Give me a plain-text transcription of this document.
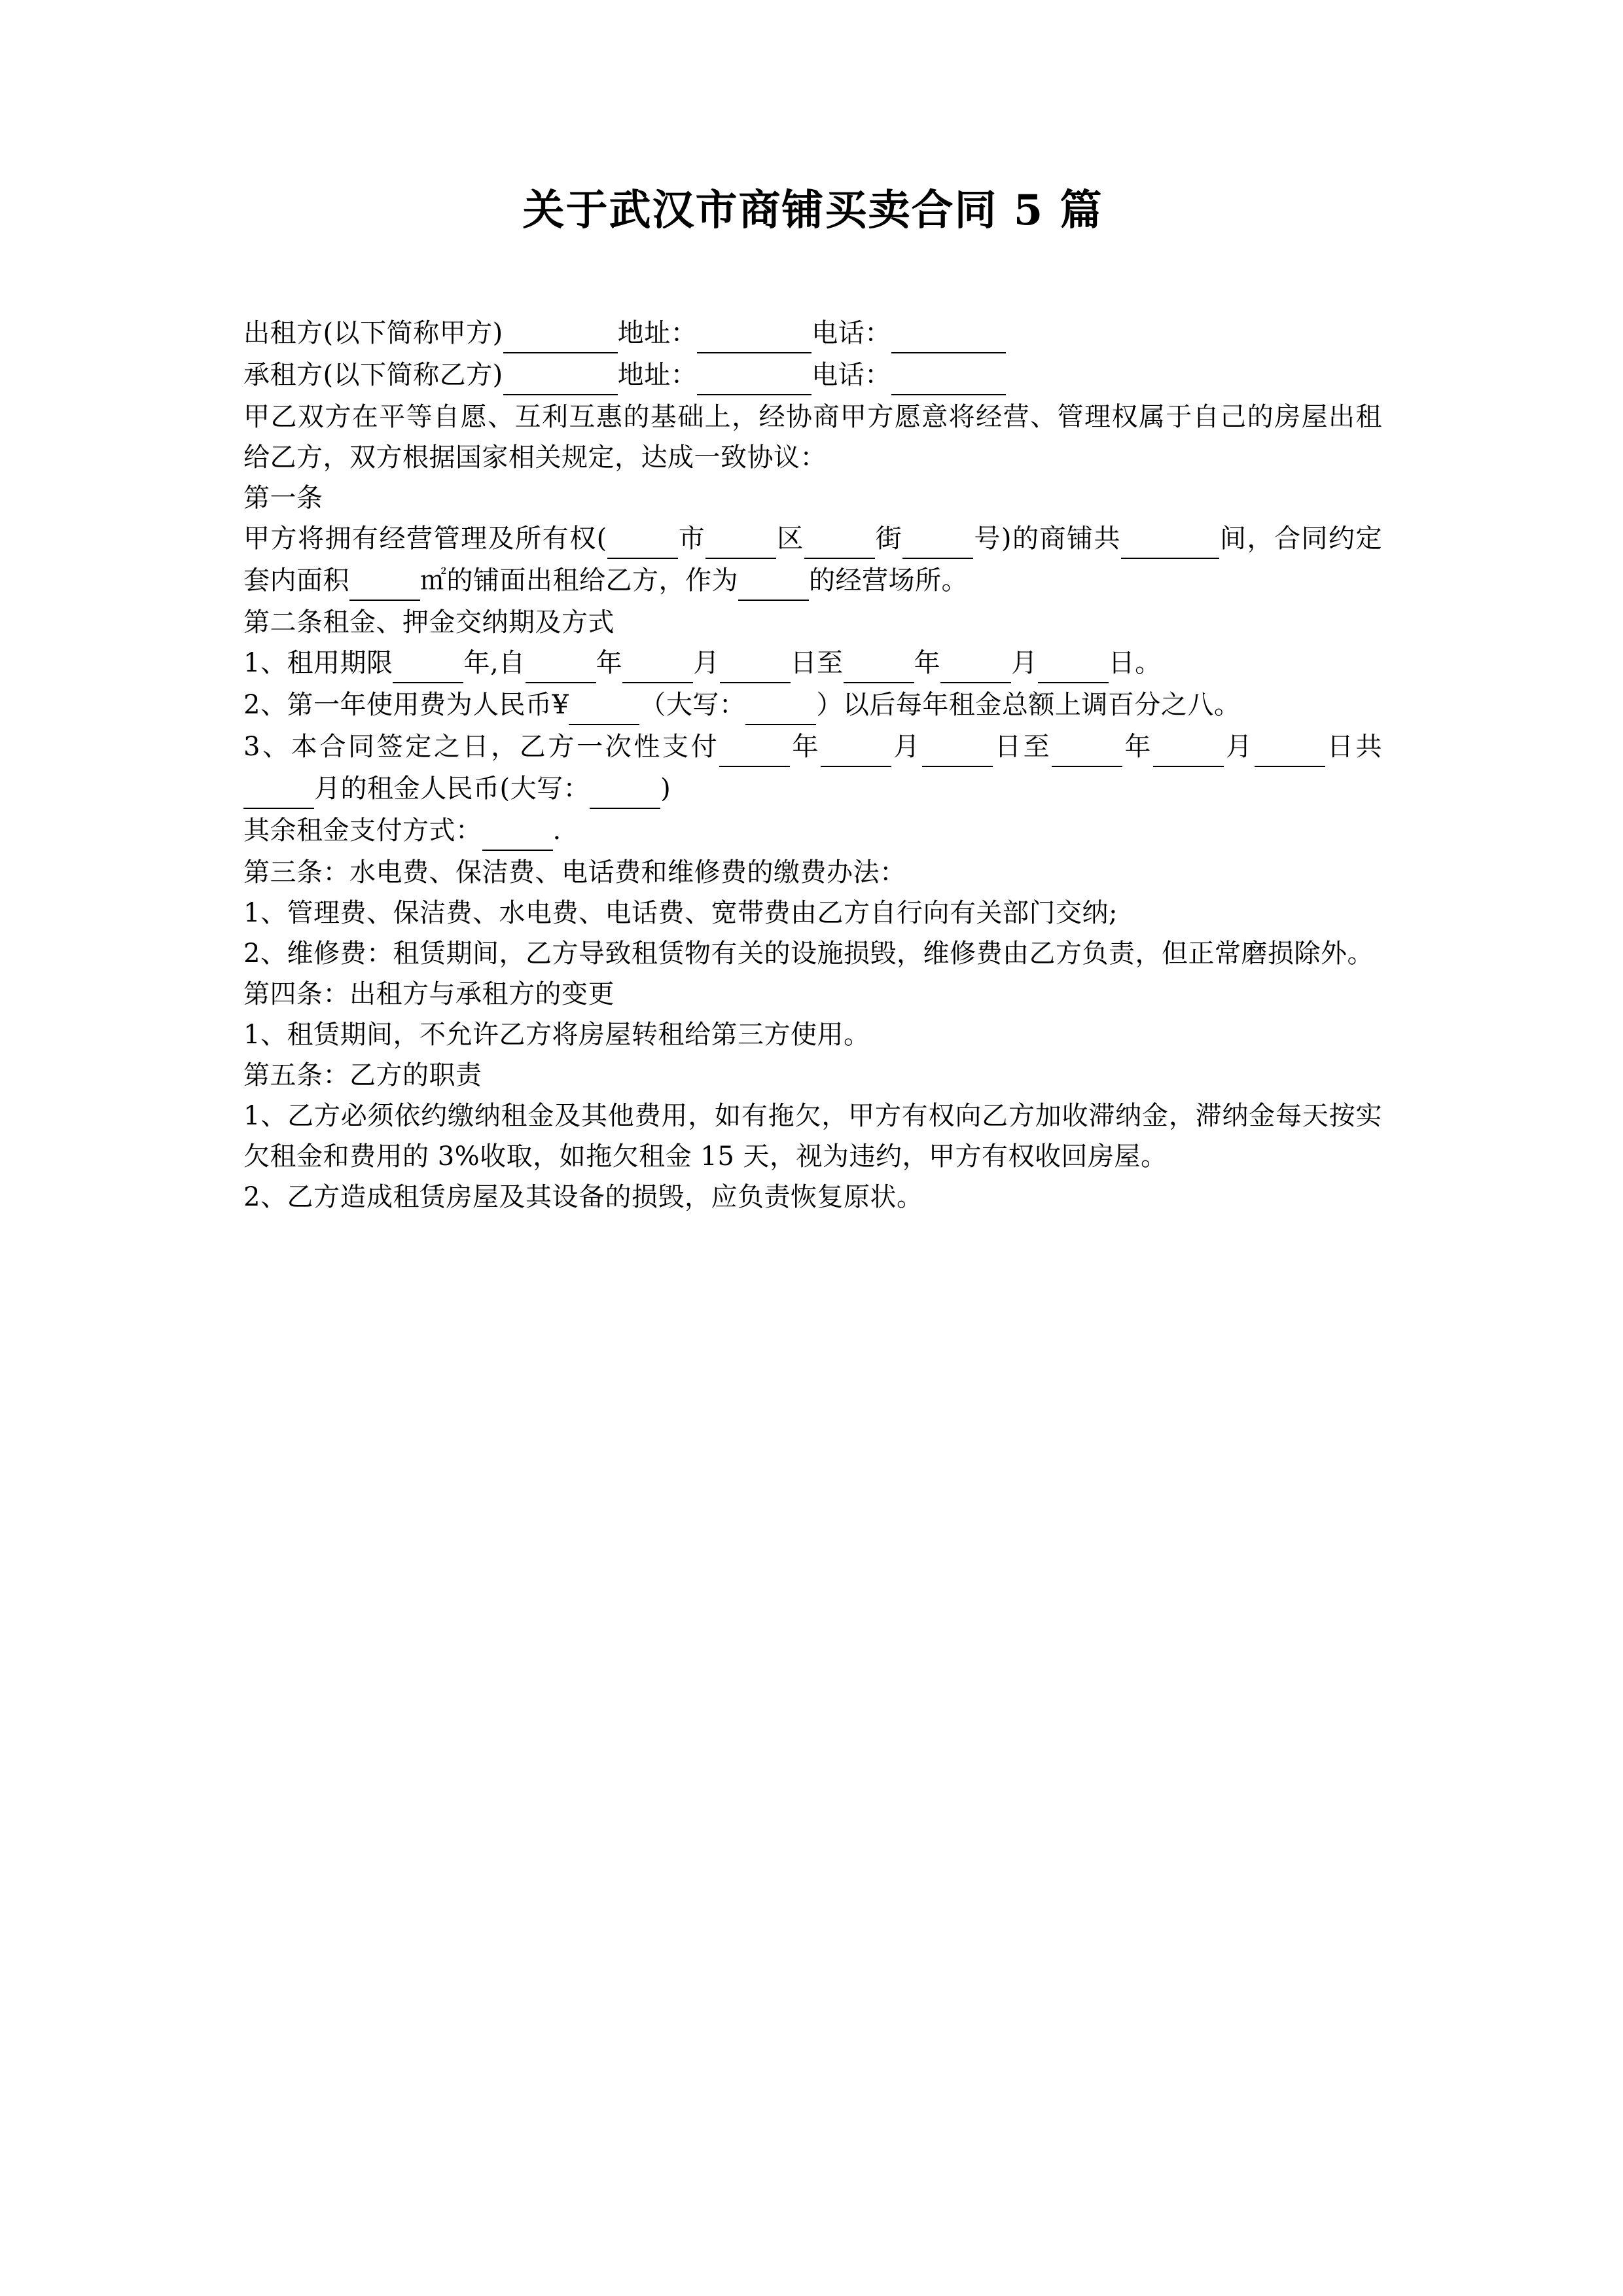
关于武汉市商铺买卖合同 5 篇
出租方(以下简称甲方)	地址：	电话：
承租方(以下简称乙方)	地址：	电话：
甲乙双方在平等自愿、互利互惠的基础上，经协商甲方愿意将经营、管理权属于自己的房屋出租给乙方，双方根据国家相关规定，达成一致协议：
第一条
甲方将拥有经营管理及所有权(	市	区	街	号)的商铺共	间，合同约定套内面积	㎡的铺面出租给乙方，作为	的经营场所。
第二条租金、押金交纳期及方式
1、租用期限	年,自	年	月	日至	年	月	日。
2、第一年使用费为人民币¥	（大写：	）以后每年租金总额上调百分之八。
3、本合同签定之日，乙方一次性支付	年	月	日至	年	月	日共 月的租金人民币(大写：	)
其余租金支付方式：	.
第三条：水电费、保洁费、电话费和维修费的缴费办法：
1、管理费、保洁费、水电费、电话费、宽带费由乙方自行向有关部门交纳;
2、维修费：租赁期间，乙方导致租赁物有关的设施损毁，维修费由乙方负责，但正常磨损除外。
第四条：出租方与承租方的变更
1、租赁期间，不允许乙方将房屋转租给第三方使用。
第五条：乙方的职责
1、乙方必须依约缴纳租金及其他费用，如有拖欠，甲方有权向乙方加收滞纳金，滞纳金每天按实欠租金和费用的 3%收取，如拖欠租金 15 天，视为违约，甲方有权收回房屋。
2、乙方造成租赁房屋及其设备的损毁，应负责恢复原状。
